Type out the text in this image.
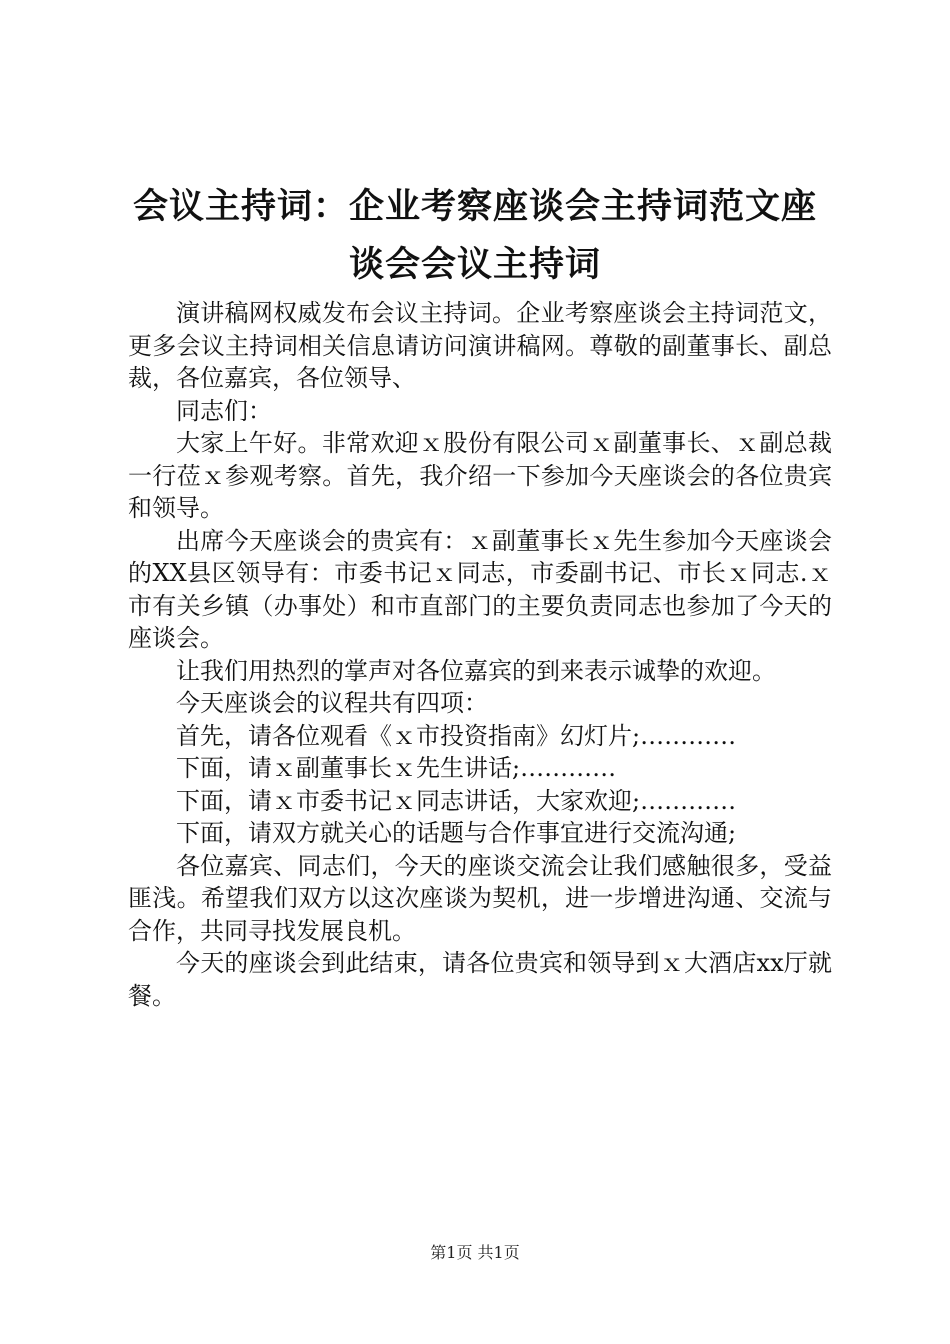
会议主持词：企业考察座谈会主持词范文座谈会会议主持词

演讲稿网权威发布会议主持词。企业考察座谈会主持词范文，更多会议主持词相关信息请访问演讲稿网。尊敬的副董事长、副总裁，各位嘉宾，各位领导、

同志们：

大家上午好。非常欢迎ｘ股份有限公司ｘ副董事长、ｘ副总裁一行莅ｘ参观考察。首先，我介绍一下参加今天座谈会的各位贵宾和领导。

出席今天座谈会的贵宾有：ｘ副董事长ｘ先生参加今天座谈会的XX县区领导有：市委书记ｘ同志，市委副书记、市长ｘ同志.ｘ市有关乡镇（办事处）和市直部门的主要负责同志也参加了今天的座谈会。

让我们用热烈的掌声对各位嘉宾的到来表示诚挚的欢迎。

今天座谈会的议程共有四项：

首先，请各位观看《ｘ市投资指南》幻灯片;…………

下面，请ｘ副董事长ｘ先生讲话;…………

下面，请ｘ市委书记ｘ同志讲话，大家欢迎;…………

下面，请双方就关心的话题与合作事宜进行交流沟通;

各位嘉宾、同志们，今天的座谈交流会让我们感触很多，受益匪浅。希望我们双方以这次座谈为契机，进一步增进沟通、交流与合作，共同寻找发展良机。

今天的座谈会到此结束，请各位贵宾和领导到ｘ大酒店xx厅就餐。

第1页 共1页
